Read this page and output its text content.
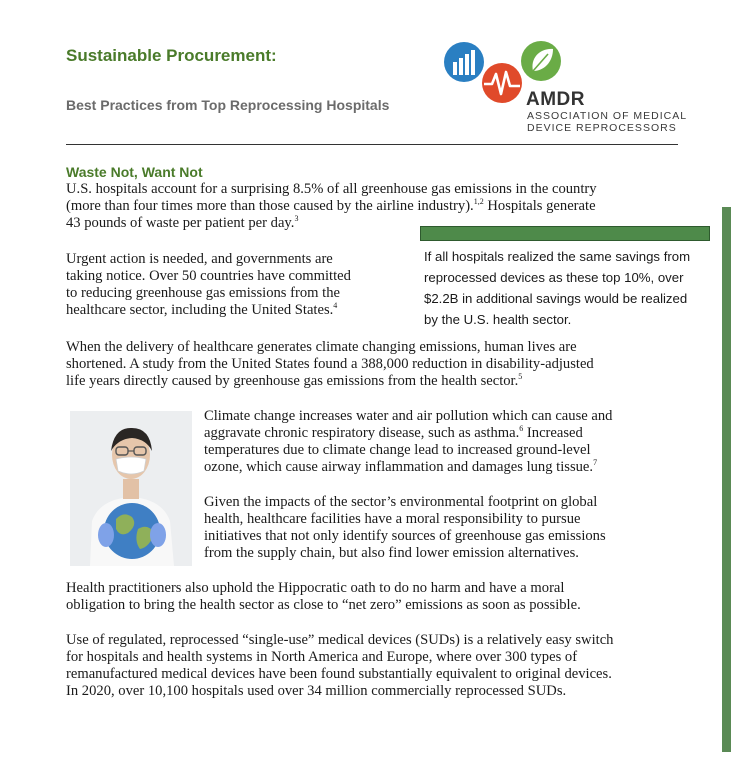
Sustainable Procurement:
Best Practices from Top Reprocessing Hospitals	AMDR
ASSOCIATION OF MEDICAL
DEVICE REPROCESSORS
Waste Not, Want Not
U.S. hospitals account for a surprising 8.5% of all greenhouse gas emissions in the country
(more than four times more than those caused by the airline industry).$^{1,2}$ Hospitals generate
43 pounds of waste per patient per day.$^3$
Urgent action is needed, and governments are
taking notice. Over 50 countries have committed
to reducing greenhouse gas emissions from the
healthcare sector, including the United States.$^4$
If all hospitals realized the same savings from
reprocessed devices as these top 10%, over
$2.2B in additional savings would be realized
by the U.S. health sector.
When the delivery of healthcare generates climate changing emissions, human lives are
shortened. A study from the United States found a 388,000 reduction in disability-adjusted
life years directly caused by greenhouse gas emissions from the health sector.$^5$
Climate change increases water and air pollution which can cause and
aggravate chronic respiratory disease, such as asthma.$^6$ Increased
temperatures due to climate change lead to increased ground-level
ozone, which cause airway inflammation and damages lung tissue.$^7$
Given the impacts of the sector’s environmental footprint on global
health, healthcare facilities have a moral responsibility to pursue
initiatives that not only identify sources of greenhouse gas emissions
from the supply chain, but also find lower emission alternatives.
Health practitioners also uphold the Hippocratic oath to do no harm and have a moral
obligation to bring the health sector as close to “net zero” emissions as soon as possible.
Use of regulated, reprocessed “single-use” medical devices (SUDs) is a relatively easy switch
for hospitals and health systems in North America and Europe, where over 300 types of
remanufactured medical devices have been found substantially equivalent to original devices.
In 2020, over 10,100 hospitals used over 34 million commercially reprocessed SUDs.
